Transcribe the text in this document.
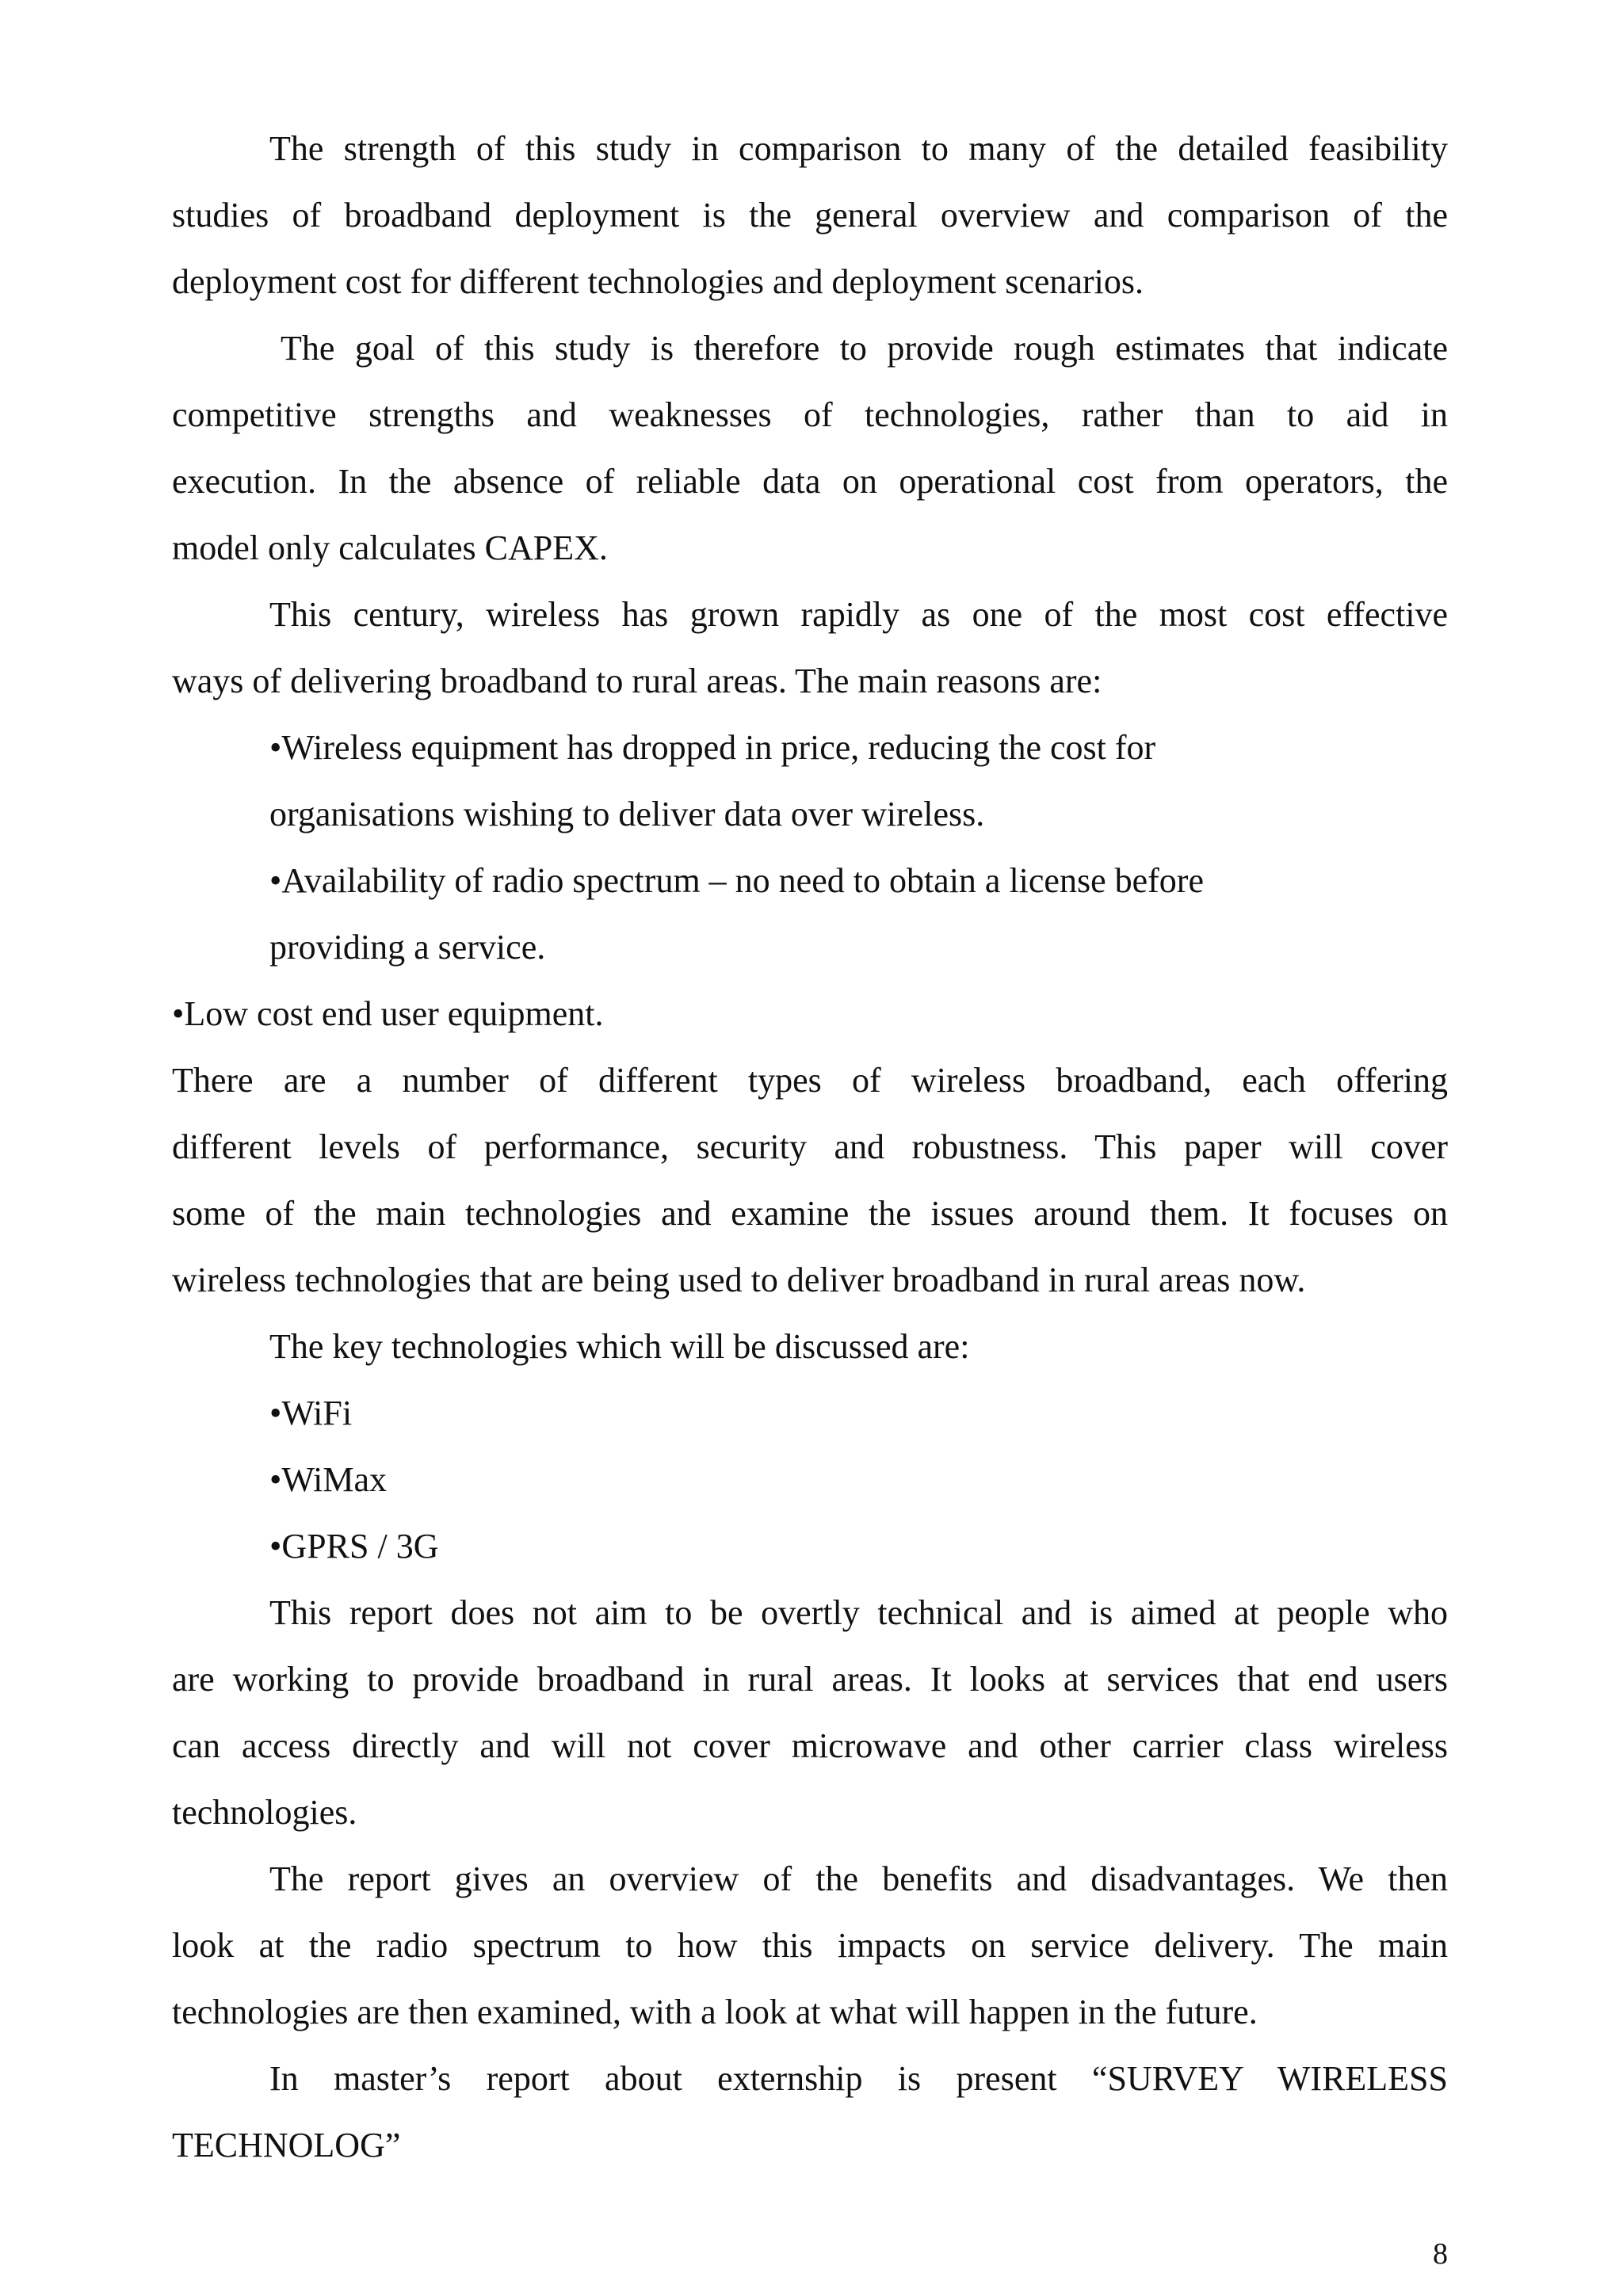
The strength of this study in comparison to many of the detailed feasibility

studies of broadband deployment is the general overview and comparison of the

deployment cost for different technologies and deployment scenarios.

The goal of this study is therefore to provide rough estimates that indicate

competitive strengths and weaknesses of technologies, rather than to aid in

execution. In the absence of reliable data on operational cost from operators, the

model only calculates CAPEX.

This century, wireless has grown rapidly as one of the most cost effective

ways of delivering broadband to rural areas. The main reasons are:

•Wireless equipment has dropped in price, reducing the cost for

organisations wishing to deliver data over wireless.

•Availability of radio spectrum – no need to obtain a license before

providing a service.

•Low cost end user equipment.

There are a number of different types of wireless broadband, each offering

different levels of performance, security and robustness. This paper will cover

some of the main technologies and examine the issues around them. It focuses on

wireless technologies that are being used to deliver broadband in rural areas now.

The key technologies which will be discussed are:

•WiFi

•WiMax

•GPRS / 3G

This report does not aim to be overtly technical and is aimed at people who

are working to provide broadband in rural areas. It looks at services that end users

can access directly and will not cover microwave and other carrier class wireless

technologies.

The report gives an overview of the benefits and disadvantages. We then

look at the radio spectrum to how this impacts on service delivery. The main

technologies are then examined, with a look at what will happen in the future.

In master’s report about externship is present “SURVEY WIRELESS

TECHNOLOG”

8
